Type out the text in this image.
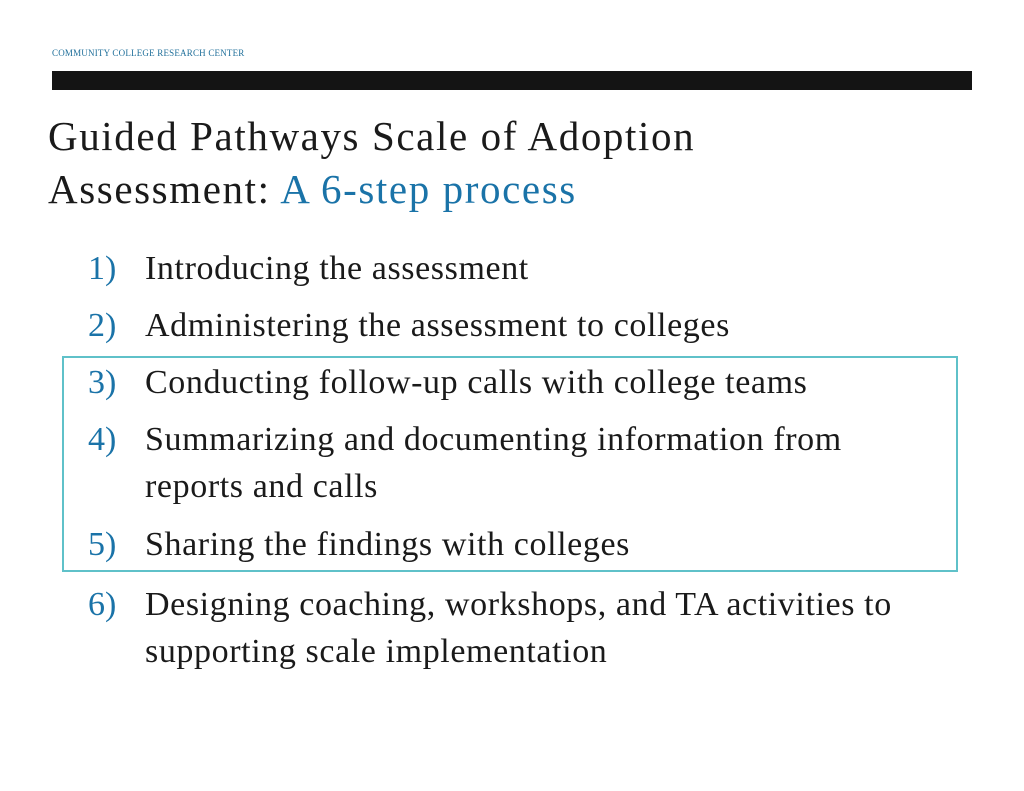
COMMUNITY COLLEGE RESEARCH CENTER
Guided Pathways Scale of Adoption
Assessment: A 6-step process
1) Introducing the assessment
2) Administering the assessment to colleges
3) Conducting follow-up calls with college teams
4) Summarizing and documenting information from reports and calls
5) Sharing the findings with colleges
6) Designing coaching, workshops, and TA activities to supporting scale implementation
